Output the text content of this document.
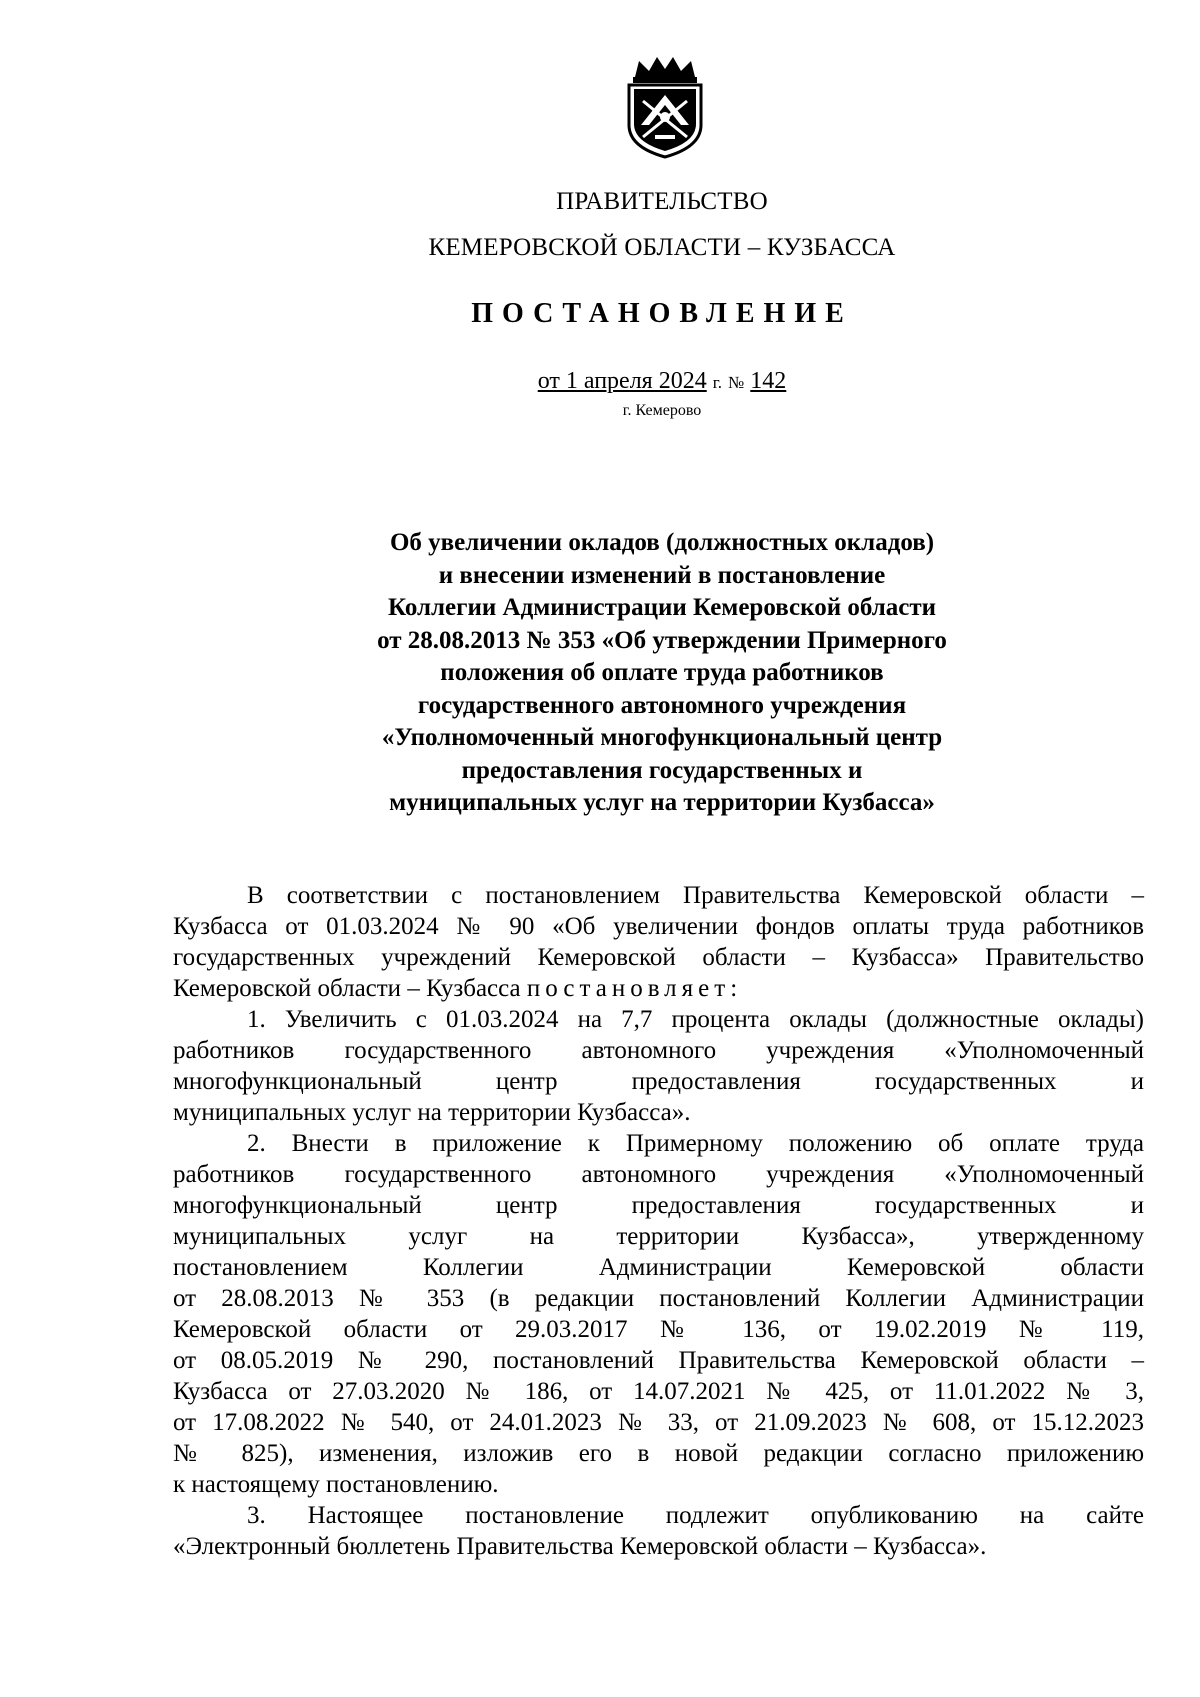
ПРАВИТЕЛЬСТВО
КЕМЕРОВСКОЙ ОБЛАСТИ – КУЗБАССА
ПОСТАНОВЛЕНИЕ
от 1 апреля 2024 г. № 142
г. Кемерово
Об увеличении окладов (должностных окладов)
и внесении изменений в постановление
Коллегии Администрации Кемеровской области
от 28.08.2013 № 353 «Об утверждении Примерного
положения об оплате труда работников
государственного автономного учреждения
«Уполномоченный многофункциональный центр
предоставления государственных и
муниципальных услуг на территории Кузбасса»
В соответствии с постановлением Правительства Кемеровской области –
Кузбасса от 01.03.2024 № 90 «Об увеличении фондов оплаты труда работников
государственных учреждений Кемеровской области – Кузбасса» Правительство
Кемеровской области – Кузбасса постановляет:
1. Увеличить с 01.03.2024 на 7,7 процента оклады (должностные оклады)
работников государственного автономного учреждения «Уполномоченный
многофункциональный центр предоставления государственных и
муниципальных услуг на территории Кузбасса».
2. Внести в приложение к Примерному положению об оплате труда
работников государственного автономного учреждения «Уполномоченный
многофункциональный центр предоставления государственных и
муниципальных услуг на территории Кузбасса», утвержденному
постановлением Коллегии Администрации Кемеровской области
от 28.08.2013 № 353 (в редакции постановлений Коллегии Администрации
Кемеровской области от 29.03.2017 № 136, от 19.02.2019 № 119,
от 08.05.2019 № 290, постановлений Правительства Кемеровской области –
Кузбасса от 27.03.2020 № 186, от 14.07.2021 № 425, от 11.01.2022 № 3,
от 17.08.2022 № 540, от 24.01.2023 № 33, от 21.09.2023 № 608, от 15.12.2023
№ 825), изменения, изложив его в новой редакции согласно приложению
к настоящему постановлению.
3. Настоящее постановление подлежит опубликованию на сайте
«Электронный бюллетень Правительства Кемеровской области – Кузбасса».
